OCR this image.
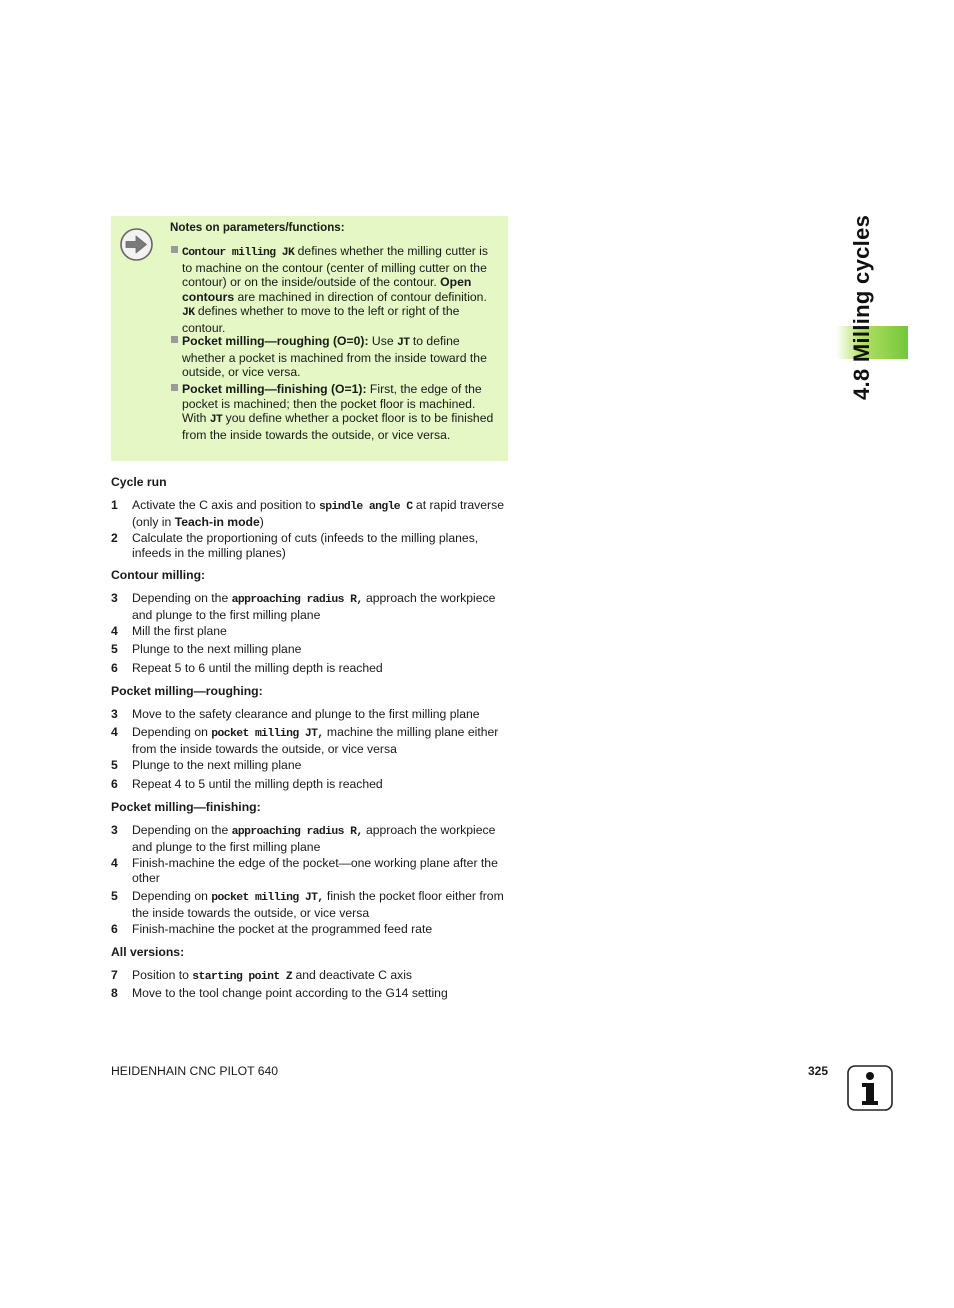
4.8 Milling cycles
Notes on parameters/functions:
Contour milling JK defines whether the milling cutter is to machine on the contour (center of milling cutter on the contour) or on the inside/outside of the contour. Open contours are machined in direction of contour definition. JK defines whether to move to the left or right of the contour.
Pocket milling—roughing (O=0): Use JT to define whether a pocket is machined from the inside toward the outside, or vice versa.
Pocket milling—finishing (O=1): First, the edge of the pocket is machined; then the pocket floor is machined. With JT you define whether a pocket floor is to be finished from the inside towards the outside, or vice versa.
Cycle run
1 Activate the C axis and position to spindle angle C at rapid traverse (only in Teach-in mode)
2 Calculate the proportioning of cuts (infeeds to the milling planes, infeeds in the milling planes)
Contour milling:
3 Depending on the approaching radius R, approach the workpiece and plunge to the first milling plane
4 Mill the first plane
5 Plunge to the next milling plane
6 Repeat 5 to 6 until the milling depth is reached
Pocket milling—roughing:
3 Move to the safety clearance and plunge to the first milling plane
4 Depending on pocket milling JT, machine the milling plane either from the inside towards the outside, or vice versa
5 Plunge to the next milling plane
6 Repeat 4 to 5 until the milling depth is reached
Pocket milling—finishing:
3 Depending on the approaching radius R, approach the workpiece and plunge to the first milling plane
4 Finish-machine the edge of the pocket—one working plane after the other
5 Depending on pocket milling JT, finish the pocket floor either from the inside towards the outside, or vice versa
6 Finish-machine the pocket at the programmed feed rate
All versions:
7 Position to starting point Z and deactivate C axis
8 Move to the tool change point according to the G14 setting
HEIDENHAIN CNC PILOT 640	325
